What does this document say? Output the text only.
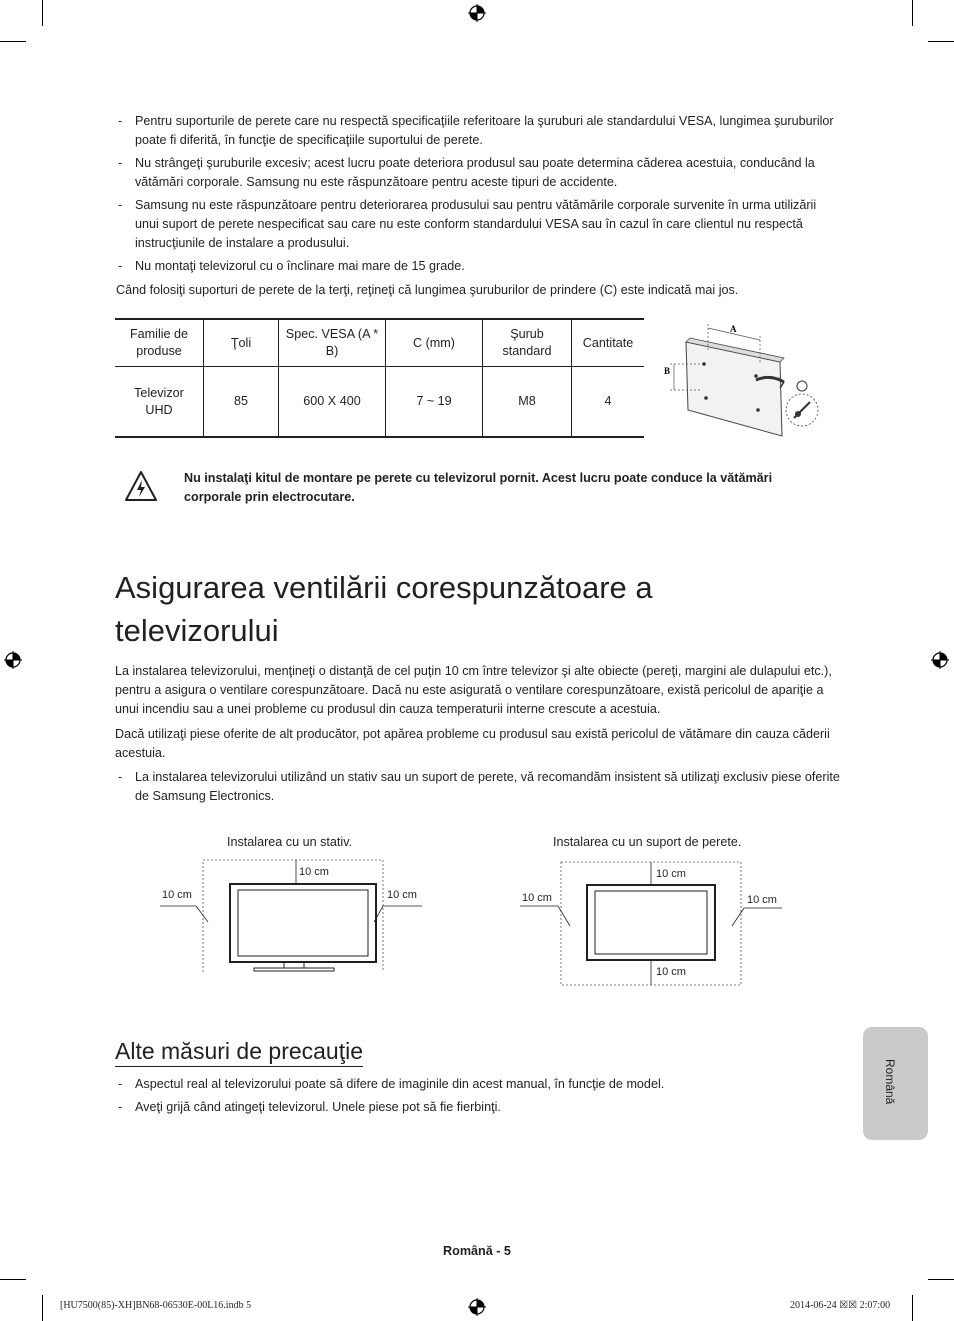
- Pentru suporturile de perete care nu respectă specificaţiile referitoare la şuruburi ale standardului VESA, lungimea şuruburilor poate fi diferită, în funcţie de specificaţiile suportului de perete.
- Nu strângeţi şuruburile excesiv; acest lucru poate deteriora produsul sau poate determina căderea acestuia, conducând la vătămări corporale. Samsung nu este răspunzătoare pentru aceste tipuri de accidente.
- Samsung nu este răspunzătoare pentru deteriorarea produsului sau pentru vătămările corporale survenite în urma utilizării unui suport de perete nespecificat sau care nu este conform standardului VESA sau în cazul în care clientul nu respectă instrucţiunile de instalare a produsului.
- Nu montaţi televizorul cu o înclinare mai mare de 15 grade.
Când folosiţi suporturi de perete de la terţi, reţineţi că lungimea şuruburilor de prindere (C) este indicată mai jos.
Familie de produse	Ţoli	Spec. VESA (A * B)	C (mm)	Şurub standard	Cantitate
Televizor UHD	85	600 X 400	7 ~ 19	M8	4
A
B
Nu instalaţi kitul de montare pe perete cu televizorul pornit. Acest lucru poate conduce la vătămări corporale prin electrocutare.
Asigurarea ventilării corespunzătoare a televizorului
La instalarea televizorului, menţineţi o distanţă de cel puţin 10 cm între televizor şi alte obiecte (pereţi, margini ale dulapului etc.), pentru a asigura o ventilare corespunzătoare. Dacă nu este asigurată o ventilare corespunzătoare, există pericolul de apariţie a unui incendiu sau a unei probleme cu produsul din cauza temperaturii interne crescute a acestuia.
Dacă utilizaţi piese oferite de alt producător, pot apărea probleme cu produsul sau există pericolul de vătămare din cauza căderii acestuia.
- La instalarea televizorului utilizând un stativ sau un suport de perete, vă recomandăm insistent să utilizaţi exclusiv piese oferite de Samsung Electronics.
Instalarea cu un stativ.
10 cm
10 cm	10 cm
Instalarea cu un suport de perete.
10 cm
10 cm	10 cm
10 cm
Alte măsuri de precauţie
- Aspectul real al televizorului poate să difere de imaginile din acest manual, în funcţie de model.
- Aveţi grijă când atingeţi televizorul. Unele piese pot să fie fierbinţi.
Română
Română - 5
[HU7500(85)-XH]BN68-06530E-00L16.indb 5	2014-06-24 ☒☒ 2:07:00
